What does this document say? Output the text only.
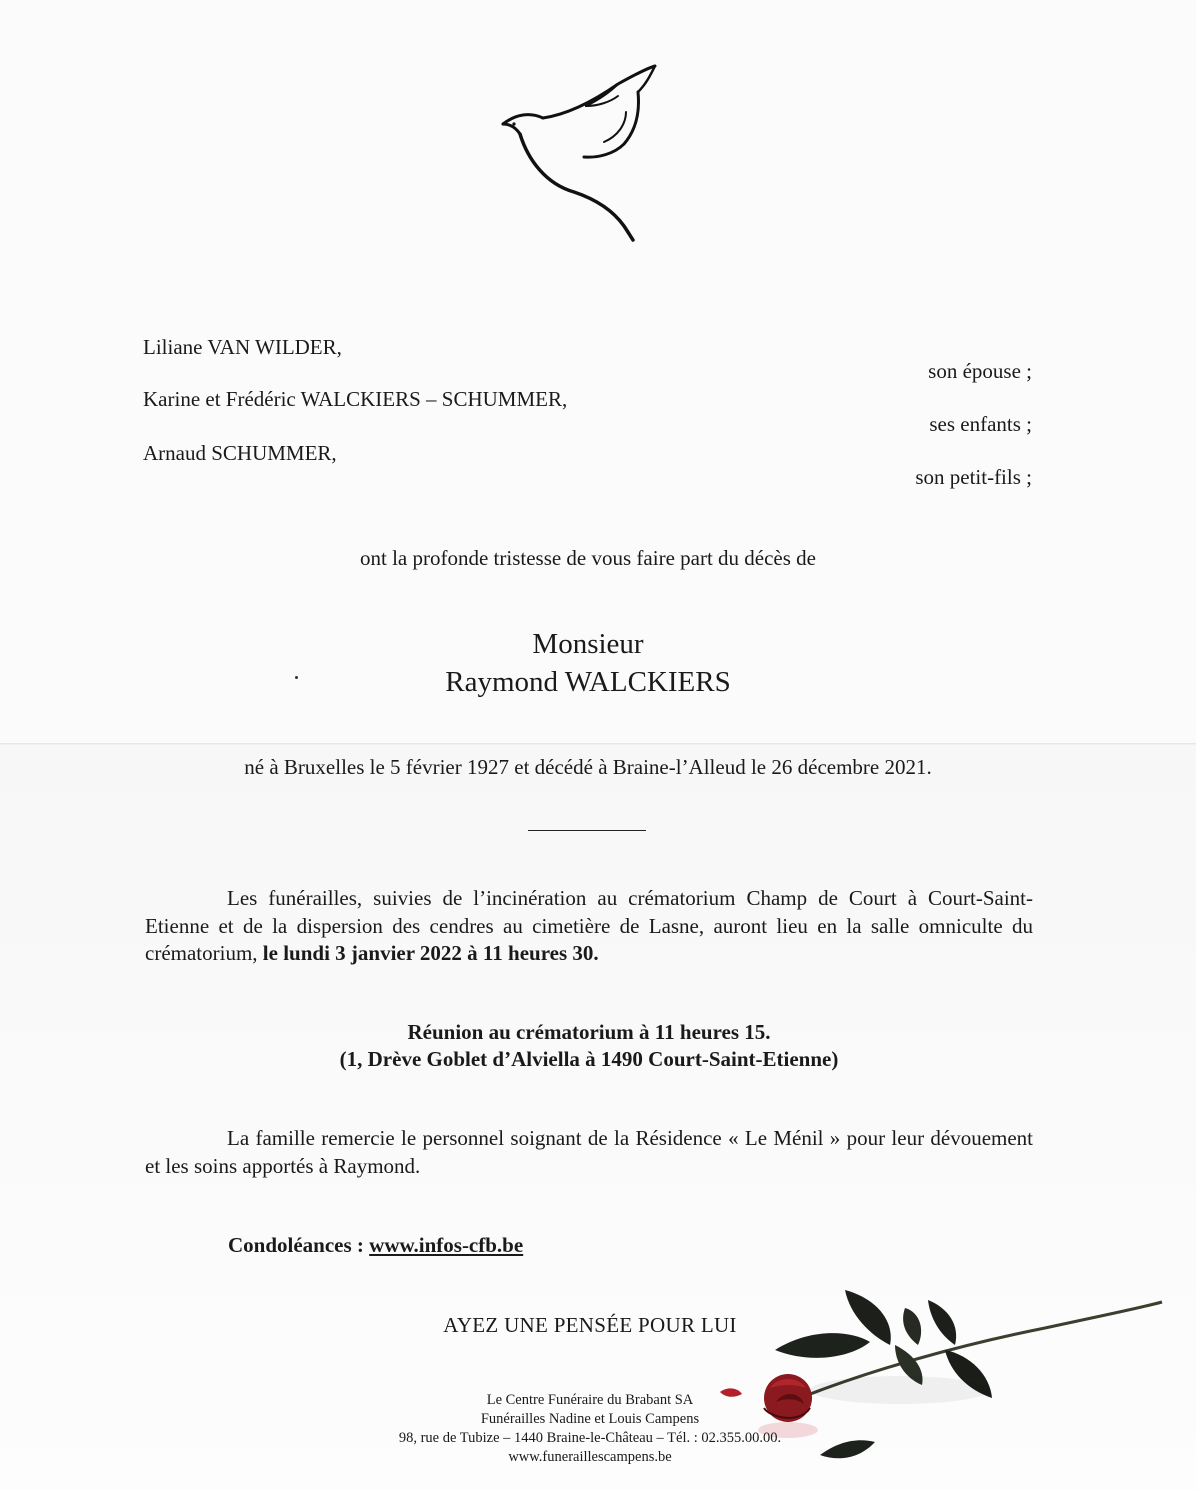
Liliane VAN WILDER,
son épouse ;
Karine et Frédéric WALCKIERS – SCHUMMER,
ses enfants ;
Arnaud SCHUMMER,
son petit-fils ;
ont la profonde tristesse de vous faire part du décès de
Monsieur
Raymond WALCKIERS
né à Bruxelles le 5 février 1927 et décédé à Braine-l’Alleud le 26 décembre 2021.
Les funérailles, suivies de l’incinération au crématorium Champ de Court à Court-Saint-Etienne et de la dispersion des cendres au cimetière de Lasne, auront lieu en la salle omniculte du crématorium, le lundi 3 janvier 2022 à 11 heures 30.
Réunion au crématorium à 11 heures 15.
(1, Drève Goblet d’Alviella à 1490 Court-Saint-Etienne)
La famille remercie le personnel soignant de la Résidence « Le Ménil » pour leur dévouement et les soins apportés à Raymond.
Condoléances : www.infos-cfb.be
AYEZ UNE PENSÉE POUR LUI
Le Centre Funéraire du Brabant SA
Funérailles Nadine et Louis Campens
98, rue de Tubize – 1440 Braine-le-Château – Tél. : 02.355.00.00.
www.funeraillescampens.be
